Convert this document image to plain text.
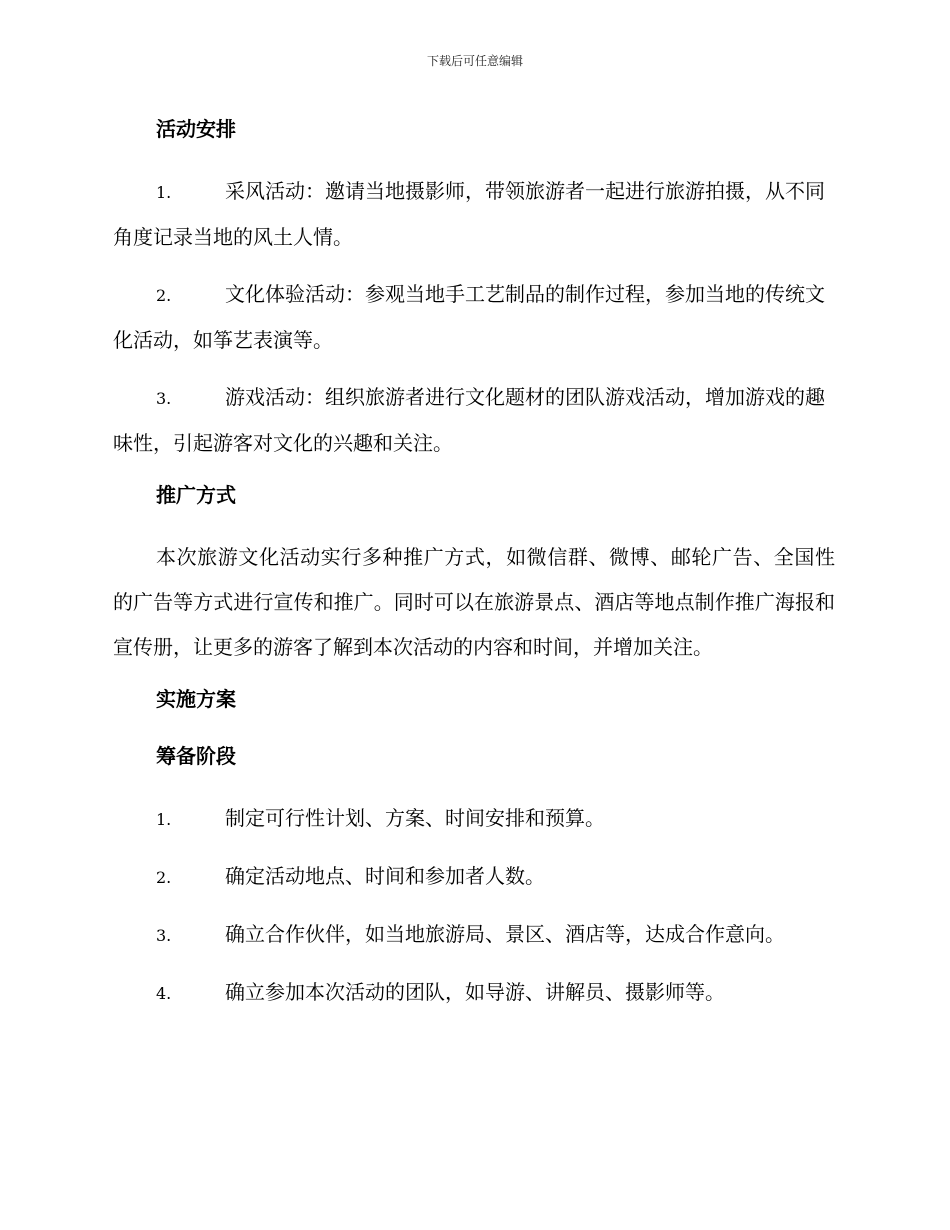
下载后可任意编辑
活动安排
1.	采风活动：邀请当地摄影师，带领旅游者一起进行旅游拍摄，从不同角度记录当地的风土人情。
2.	文化体验活动：参观当地手工艺制品的制作过程，参加当地的传统文化活动，如筝艺表演等。
3.	游戏活动：组织旅游者进行文化题材的团队游戏活动，增加游戏的趣味性，引起游客对文化的兴趣和关注。
推广方式
本次旅游文化活动实行多种推广方式，如微信群、微博、邮轮广告、全国性的广告等方式进行宣传和推广。同时可以在旅游景点、酒店等地点制作推广海报和宣传册，让更多的游客了解到本次活动的内容和时间，并增加关注。
实施方案
筹备阶段
1.	制定可行性计划、方案、时间安排和预算。
2.	确定活动地点、时间和参加者人数。
3.	确立合作伙伴，如当地旅游局、景区、酒店等，达成合作意向。
4.	确立参加本次活动的团队，如导游、讲解员、摄影师等。
